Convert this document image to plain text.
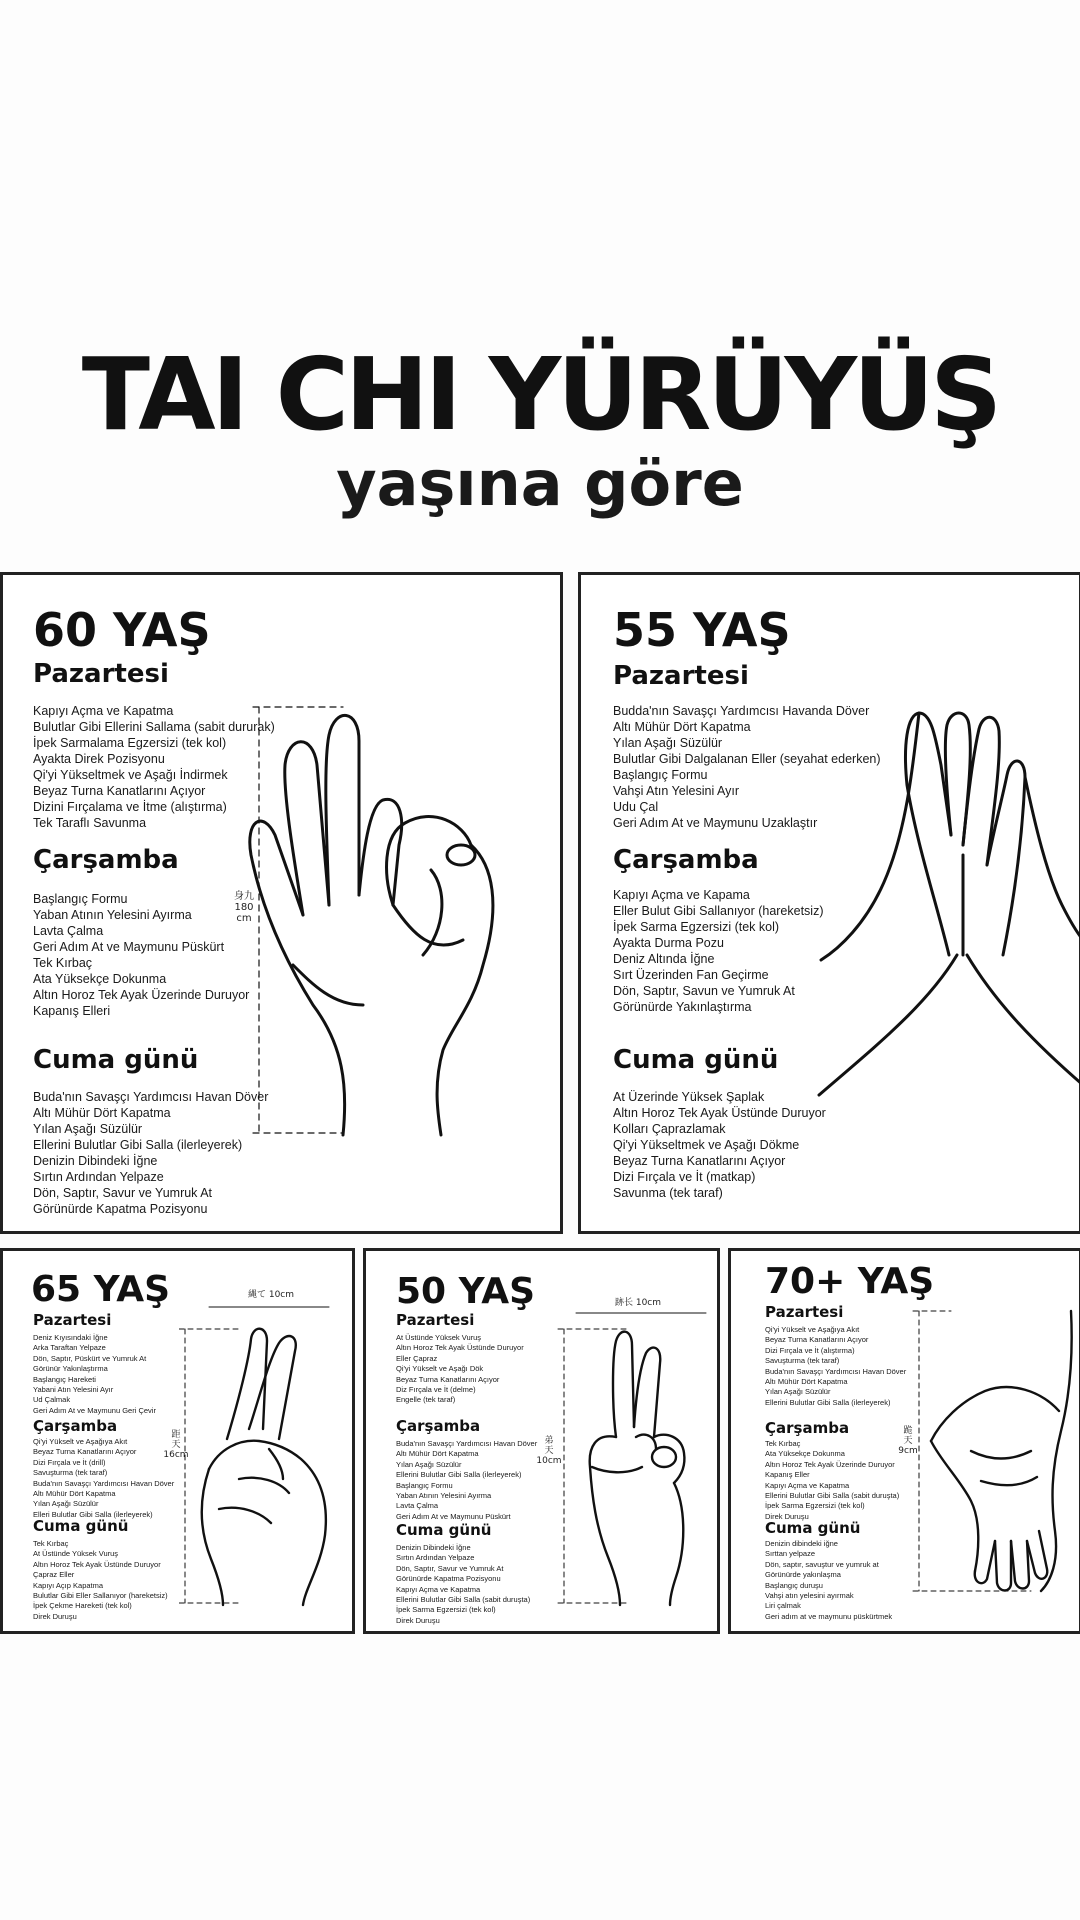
TAI CHI YÜRÜYÜŞ
yaşına göre
60 YAŞ
Pazartesi
Kapıyı Açma ve Kapatma
Bulutlar Gibi Ellerini Sallama (sabit dururak)
İpek Sarmalama Egzersizi (tek kol)
Ayakta Direk Pozisyonu
Qi'yi Yükseltmek ve Aşağı İndirmek
Beyaz Turna Kanatlarını Açıyor
Dizini Fırçalama ve İtme (alıştırma)
Tek Taraflı Savunma
Çarşamba
Başlangıç Formu
Yaban Atının Yelesini Ayırma
Lavta Çalma
Geri Adım At ve Maymunu Püskürt
Tek Kırbaç
Ata Yüksekçe Dokunma
Altın Horoz Tek Ayak Üzerinde Duruyor
Kapanış Elleri
Cuma günü
Buda'nın Savaşçı Yardımcısı Havan Döver
Altı Mühür Dört Kapatma
Yılan Aşağı Süzülür
Ellerini Bulutlar Gibi Salla (ilerleyerek)
Denizin Dibindeki İğne
Sırtın Ardından Yelpaze
Dön, Saptır, Savur ve Yumruk At
Görünürde Kapatma Pozisyonu
身九
180
cm
55 YAŞ
Pazartesi
Budda'nın Savaşçı Yardımcısı Havanda Döver
Altı Mühür Dört Kapatma
Yılan Aşağı Süzülür
Bulutlar Gibi Dalgalanan Eller (seyahat ederken)
Başlangıç Formu
Vahşi Atın Yelesini Ayır
Udu Çal
Geri Adım At ve Maymunu Uzaklaştır
Çarşamba
Kapıyı Açma ve Kapama
Eller Bulut Gibi Sallanıyor (hareketsiz)
İpek Sarma Egzersizi (tek kol)
Ayakta Durma Pozu
Deniz Altında İğne
Sırt Üzerinden Fan Geçirme
Dön, Saptır, Savun ve Yumruk At
Görünürde Yakınlaştırma
Cuma günü
At Üzerinde Yüksek Şaplak
Altın Horoz Tek Ayak Üstünde Duruyor
Kolları Çaprazlamak
Qi'yi Yükseltmek ve Aşağı Dökme
Beyaz Turna Kanatlarını Açıyor
Dizi Fırçala ve İt (matkap)
Savunma (tek taraf)
65 YAŞ
Pazartesi
Deniz Kıyısındaki İğne
Arka Taraftan Yelpaze
Dön, Saptır, Püskürt ve Yumruk At
Görünür Yakınlaştırma
Başlangıç Hareketi
Yabani Atın Yelesini Ayır
Ud Çalmak
Geri Adım At ve Maymunu Geri Çevir
Çarşamba
Qi'yi Yükselt ve Aşağıya Akıt
Beyaz Turna Kanatlarını Açıyor
Dizi Fırçala ve İt (drill)
Savuşturma (tek taraf)
Buda'nın Savaşçı Yardımcısı Havan Döver
Altı Mühür Dört Kapatma
Yılan Aşağı Süzülür
Elleri Bulutlar Gibi Salla (ilerleyerek)
Cuma günü
Tek Kırbaç
At Üstünde Yüksek Vuruş
Altın Horoz Tek Ayak Üstünde Duruyor
Çapraz Eller
Kapıyı Açıp Kapatma
Bulutlar Gibi Eller Sallanıyor (hareketsiz)
İpek Çekme Hareketi (tek kol)
Direk Duruşu
縄て 10cm
距
天
16cm
50 YAŞ
Pazartesi
At Üstünde Yüksek Vuruş
Altın Horoz Tek Ayak Üstünde Duruyor
Eller Çapraz
Qi'yi Yükselt ve Aşağı Dök
Beyaz Turna Kanatlarını Açıyor
Diz Fırçala ve İt (delme)
Engelle (tek taraf)
Çarşamba
Buda'nın Savaşçı Yardımcısı Havan Döver
Altı Mühür Dört Kapatma
Yılan Aşağı Süzülür
Ellerini Bulutlar Gibi Salla (ilerleyerek)
Başlangıç Formu
Yaban Atının Yelesini Ayırma
Lavta Çalma
Geri Adım At ve Maymunu Püskürt
Cuma günü
Denizin Dibindeki İğne
Sırtın Ardından Yelpaze
Dön, Saptır, Savur ve Yumruk At
Görünürde Kapatma Pozisyonu
Kapıyı Açma ve Kapatma
Ellerini Bulutlar Gibi Salla (sabit duruşta)
İpek Sarma Egzersizi (tek kol)
Direk Duruşu
跡长 10cm
弟
天
10cm
70+ YAŞ
Pazartesi
Qi'yi Yükselt ve Aşağıya Akıt
Beyaz Turna Kanatlarını Açıyor
Dizi Fırçala ve İt (alıştırma)
Savuşturma (tek taraf)
Buda'nın Savaşçı Yardımcısı Havan Döver
Altı Mühür Dört Kapatma
Yılan Aşağı Süzülür
Ellerini Bulutlar Gibi Salla (ilerleyerek)
Çarşamba
Tek Kırbaç
Ata Yüksekçe Dokunma
Altın Horoz Tek Ayak Üzerinde Duruyor
Kapanış Eller
Kapıyı Açma ve Kapatma
Ellerini Bulutlar Gibi Salla (sabit duruşta)
İpek Sarma Egzersizi (tek kol)
Direk Duruşu
Cuma günü
Denizin dibindeki iğne
Sırttan yelpaze
Dön, saptır, savuştur ve yumruk at
Görünürde yakınlaşma
Başlangıç duruşu
Vahşi atın yelesini ayırmak
Liri çalmak
Geri adım at ve maymunu püskürtmek
跪
天
9cm
